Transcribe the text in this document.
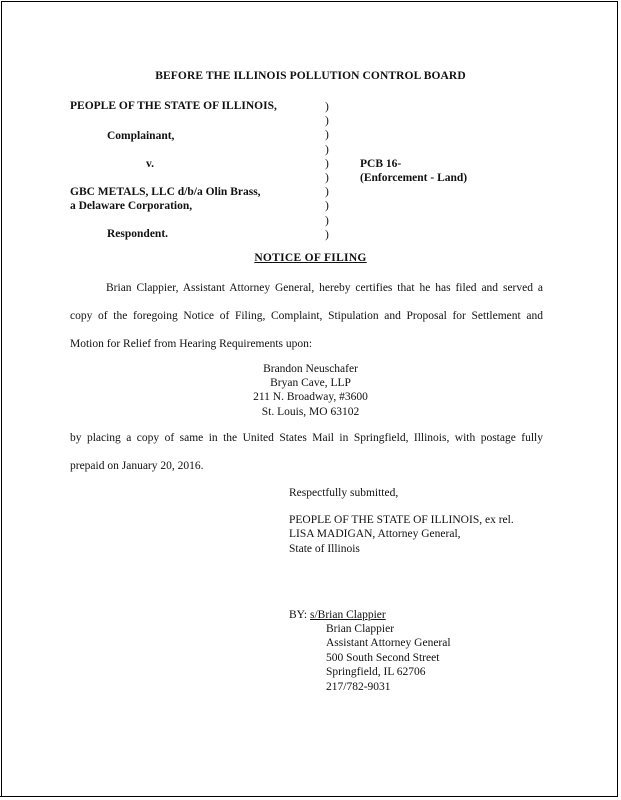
BEFORE THE ILLINOIS POLLUTION CONTROL BOARD
PEOPLE OF THE STATE OF ILLINOIS,
Complainant,
v.
GBC METALS, LLC d/b/a Olin Brass,
a Delaware Corporation,
Respondent.
)
)
)
)
)
)
)
)
)
)
PCB 16-
(Enforcement - Land)
NOTICE OF FILING
Brian Clappier, Assistant Attorney General, hereby certifies that he has filed and served a
copy of the foregoing Notice of Filing, Complaint, Stipulation and Proposal for Settlement and
Motion for Relief from Hearing Requirements upon:
Brandon Neuschafer
Bryan Cave, LLP
211 N. Broadway, #3600
St. Louis, MO 63102
by placing a copy of same in the United States Mail in Springfield, Illinois, with postage fully
prepaid on January 20, 2016.
Respectfully submitted,
PEOPLE OF THE STATE OF ILLINOIS, ex rel.
LISA MADIGAN, Attorney General,
State of Illinois
BY: s/Brian Clappier
Brian Clappier
Assistant Attorney General
500 South Second Street
Springfield, IL 62706
217/782-9031
